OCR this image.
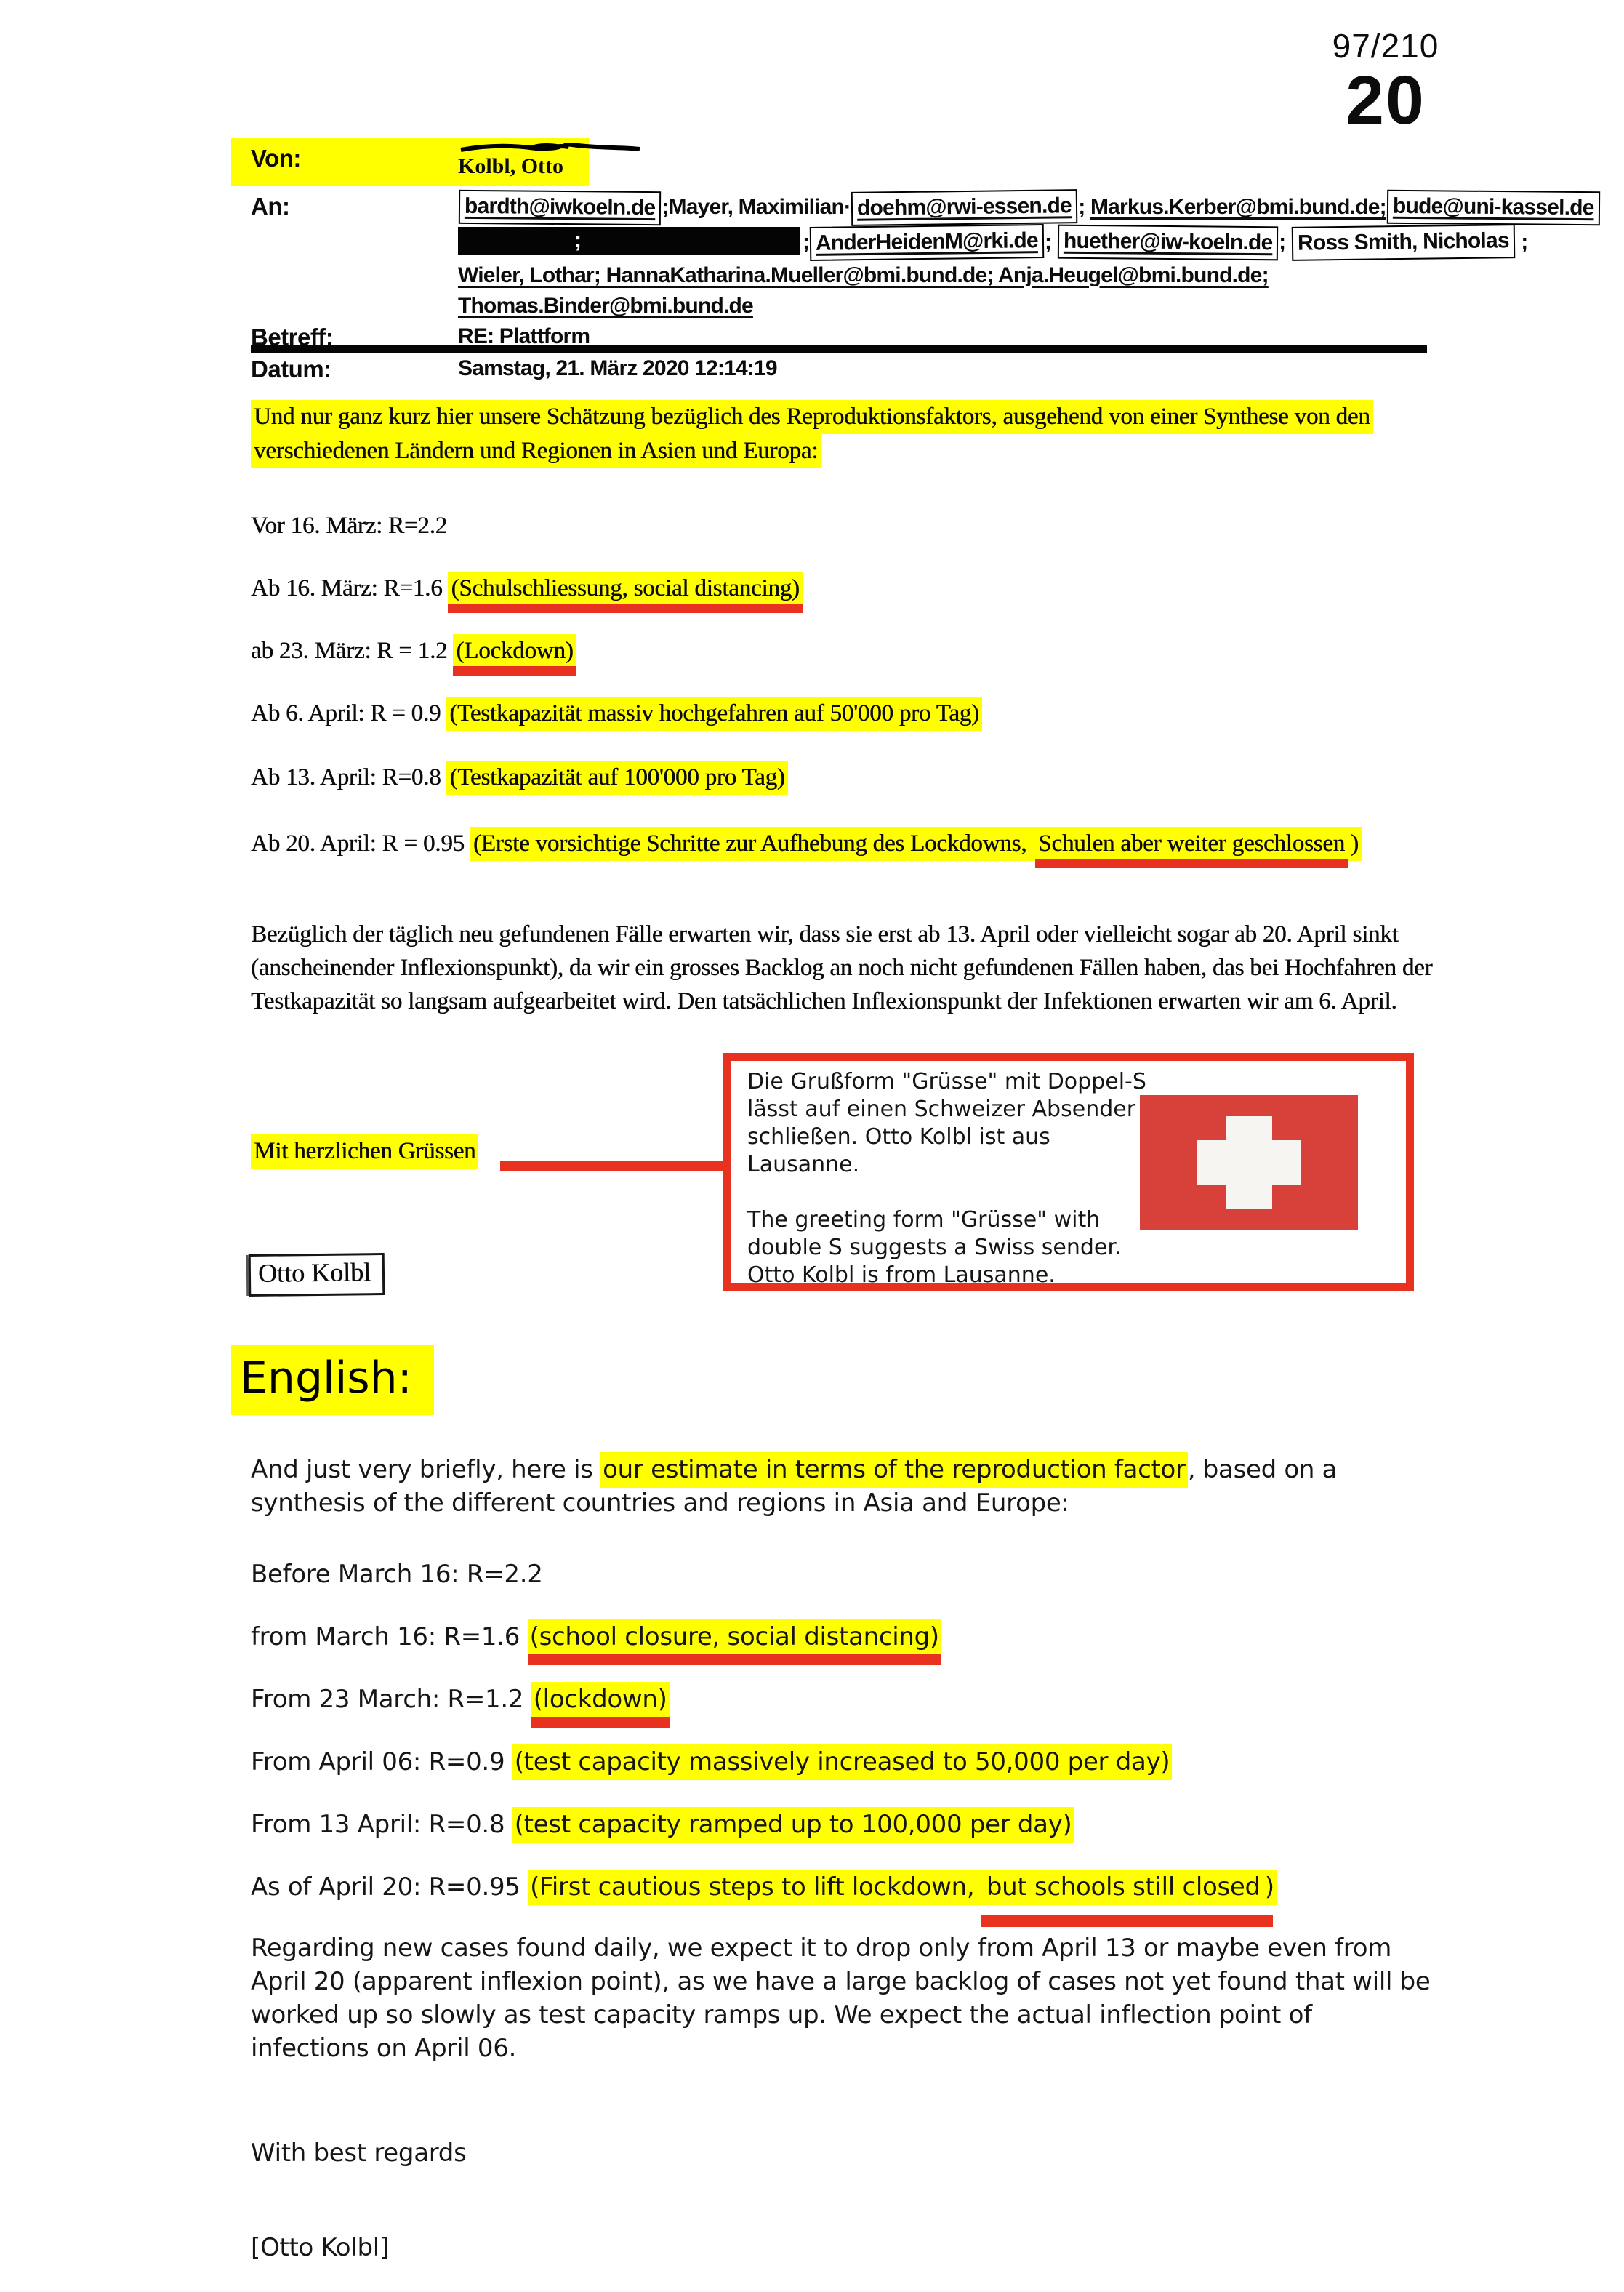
97/210
20
Von:	Kolbl, Otto
An:	bardth@iwkoeln.de ;Mayer, Maximilian· doehm@rwi-essen.de ; Markus.Kerber@bmi.bund.de; bude@uni-kassel.de
;	; AnderHeidenM@rki.de ; huether@iw-koeln.de ; Ross Smith, Nicholas ;
Wieler, Lothar; HannaKatharina.Mueller@bmi.bund.de; Anja.Heugel@bmi.bund.de;
Thomas.Binder@bmi.bund.de
Betreff:	RE: Plattform
Datum:	Samstag, 21. März 2020 12:14:19
Und nur ganz kurz hier unsere Schätzung bezüglich des Reproduktionsfaktors, ausgehend von einer Synthese von den verschiedenen Ländern und Regionen in Asien und Europa:
Vor 16. März: R=2.2
Ab 16. März: R=1.6 (Schulschliessung, social distancing)
ab 23. März: R = 1.2 (Lockdown)
Ab 6. April: R = 0.9 (Testkapazität massiv hochgefahren auf 50'000 pro Tag)
Ab 13. April: R=0.8 (Testkapazität auf 100'000 pro Tag)
Ab 20. April: R = 0.95 (Erste vorsichtige Schritte zur Aufhebung des Lockdowns, Schulen aber weiter geschlossen )
Bezüglich der täglich neu gefundenen Fälle erwarten wir, dass sie erst ab 13. April oder vielleicht sogar ab 20. April sinkt (anscheinender Inflexionspunkt), da wir ein grosses Backlog an noch nicht gefundenen Fällen haben, das bei Hochfahren der Testkapazität so langsam aufgearbeitet wird. Den tatsächlichen Inflexionspunkt der Infektionen erwarten wir am 6. April.
Mit herzlichen Grüssen

Die Grußform "Grüsse" mit Doppel-S lässt auf einen Schweizer Absender schließen. Otto Kolbl ist aus Lausanne.

The greeting form "Grüsse" with double S suggests a Swiss sender. Otto Kolbl is from Lausanne.

Otto Kolbl
English:
And just very briefly, here is our estimate in terms of the reproduction factor, based on a synthesis of the different countries and regions in Asia and Europe:
Before March 16: R=2.2
from March 16: R=1.6 (school closure, social distancing)
From 23 March: R=1.2 (lockdown)
From April 06: R=0.9 (test capacity massively increased to 50,000 per day)
From 13 April: R=0.8 (test capacity ramped up to 100,000 per day)
As of April 20: R=0.95 (First cautious steps to lift lockdown, but schools still closed )
Regarding new cases found daily, we expect it to drop only from April 13 or maybe even from April 20 (apparent inflexion point), as we have a large backlog of cases not yet found that will be worked up so slowly as test capacity ramps up. We expect the actual inflection point of infections on April 06.
With best regards
[Otto Kolbl]
